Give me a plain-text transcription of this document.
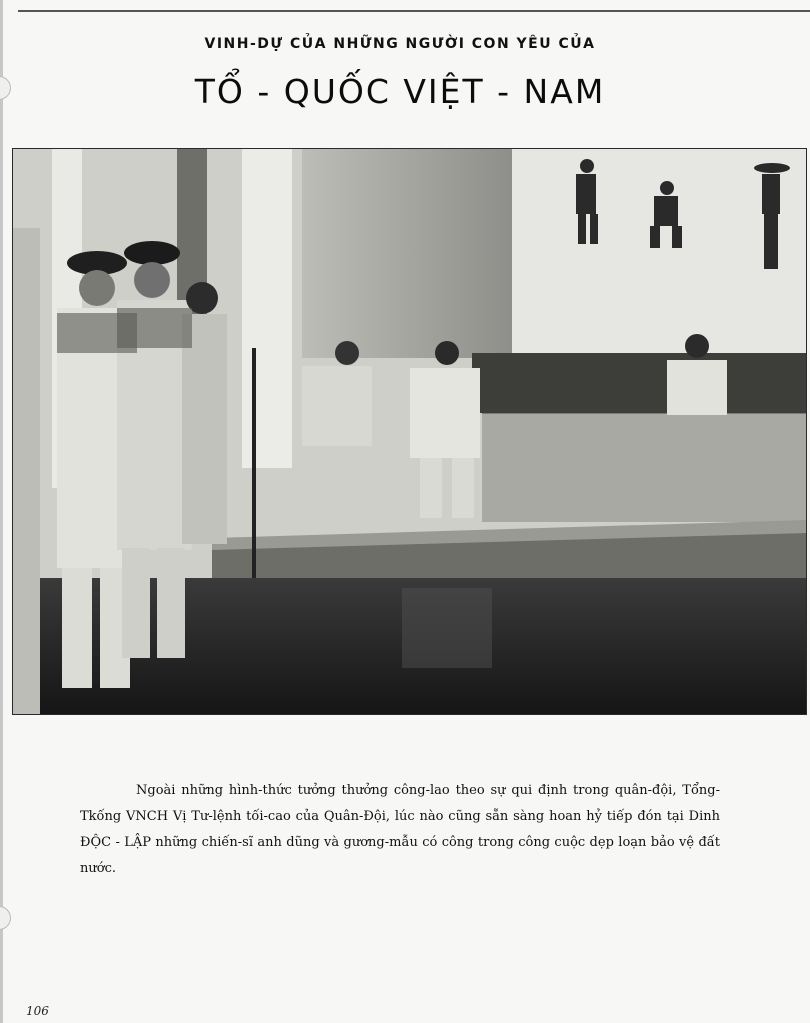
VINH-DỰ CỦA NHỮNG NGƯỜI CON YÊU CỦA
TỔ - QUỐC VIỆT - NAM

Ngoài những hình-thức tưởng thưởng công-lao theo sự qui định trong quân-đội, Tổng-Tkống VNCH Vị Tư-lệnh tối-cao của Quân-Đội, lúc nào cũng sẵn sàng hoan hỷ tiếp đón tại Dinh ĐỘC - LẬP những chiến-sĩ anh dũng và gương-mẫu có công trong công cuộc dẹp loạn bảo vệ đất nước.

106
